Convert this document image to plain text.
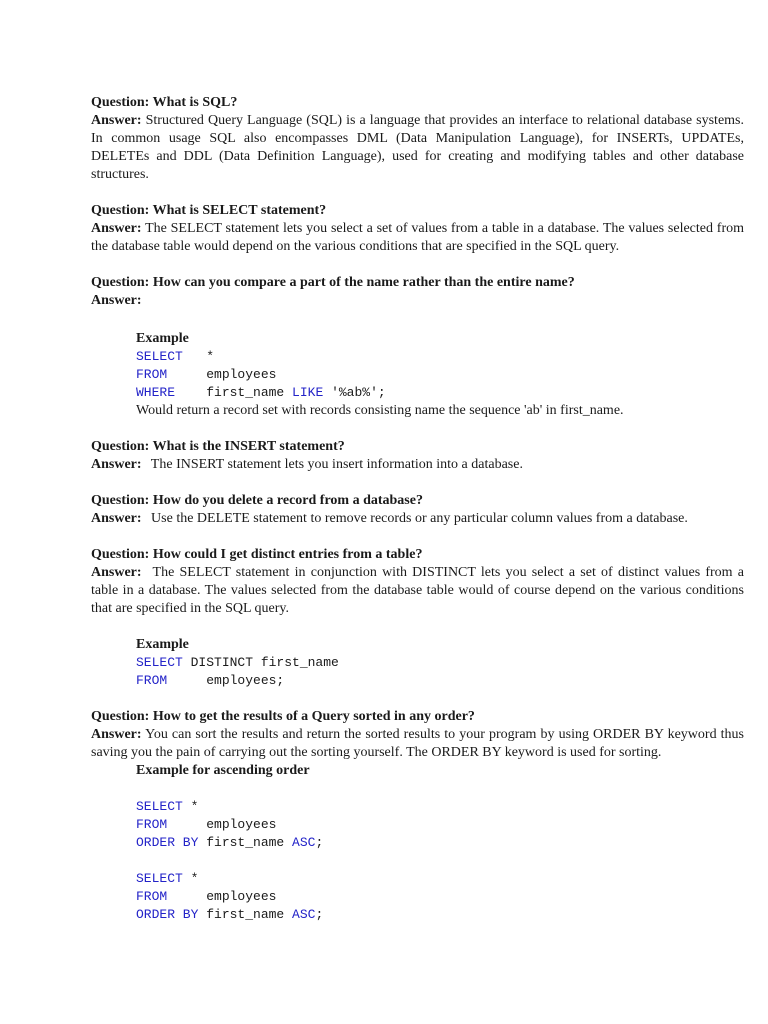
Question: What is SQL?

Answer: Structured Query Language (SQL) is a language that provides an interface to relational database systems. In common usage SQL also encompasses DML (Data Manipulation Language), for INSERTs, UPDATEs, DELETEs and DDL (Data Definition Language), used for creating and modifying tables and other database structures.

Question: What is SELECT statement?

Answer: The SELECT statement lets you select a set of values from a table in a database. The values selected from the database table would depend on the various conditions that are specified in the SQL query.

Question: How can you compare a part of the name rather than the entire name?

Answer:

Example

SELECT   *

FROM     employees

WHERE    first_name LIKE '%ab%';

Would return a record set with records consisting name the sequence 'ab' in first_name.

Question: What is the INSERT statement?

Answer: The INSERT statement lets you insert information into a database.

Question: How do you delete a record from a database?

Answer: Use the DELETE statement to remove records or any particular column values from a database.

Question: How could I get distinct entries from a table?

Answer: The SELECT statement in conjunction with DISTINCT lets you select a set of distinct values from a table in a database. The values selected from the database table would of course depend on the various conditions that are specified in the SQL query.

Example

SELECT DISTINCT first_name

FROM     employees;

Question: How to get the results of a Query sorted in any order?

Answer: You can sort the results and return the sorted results to your program by using ORDER BY keyword thus saving you the pain of carrying out the sorting yourself. The ORDER BY keyword is used for sorting.

Example for ascending order

SELECT *

FROM     employees

ORDER BY first_name ASC;

SELECT *

FROM     employees

ORDER BY first_name ASC;
